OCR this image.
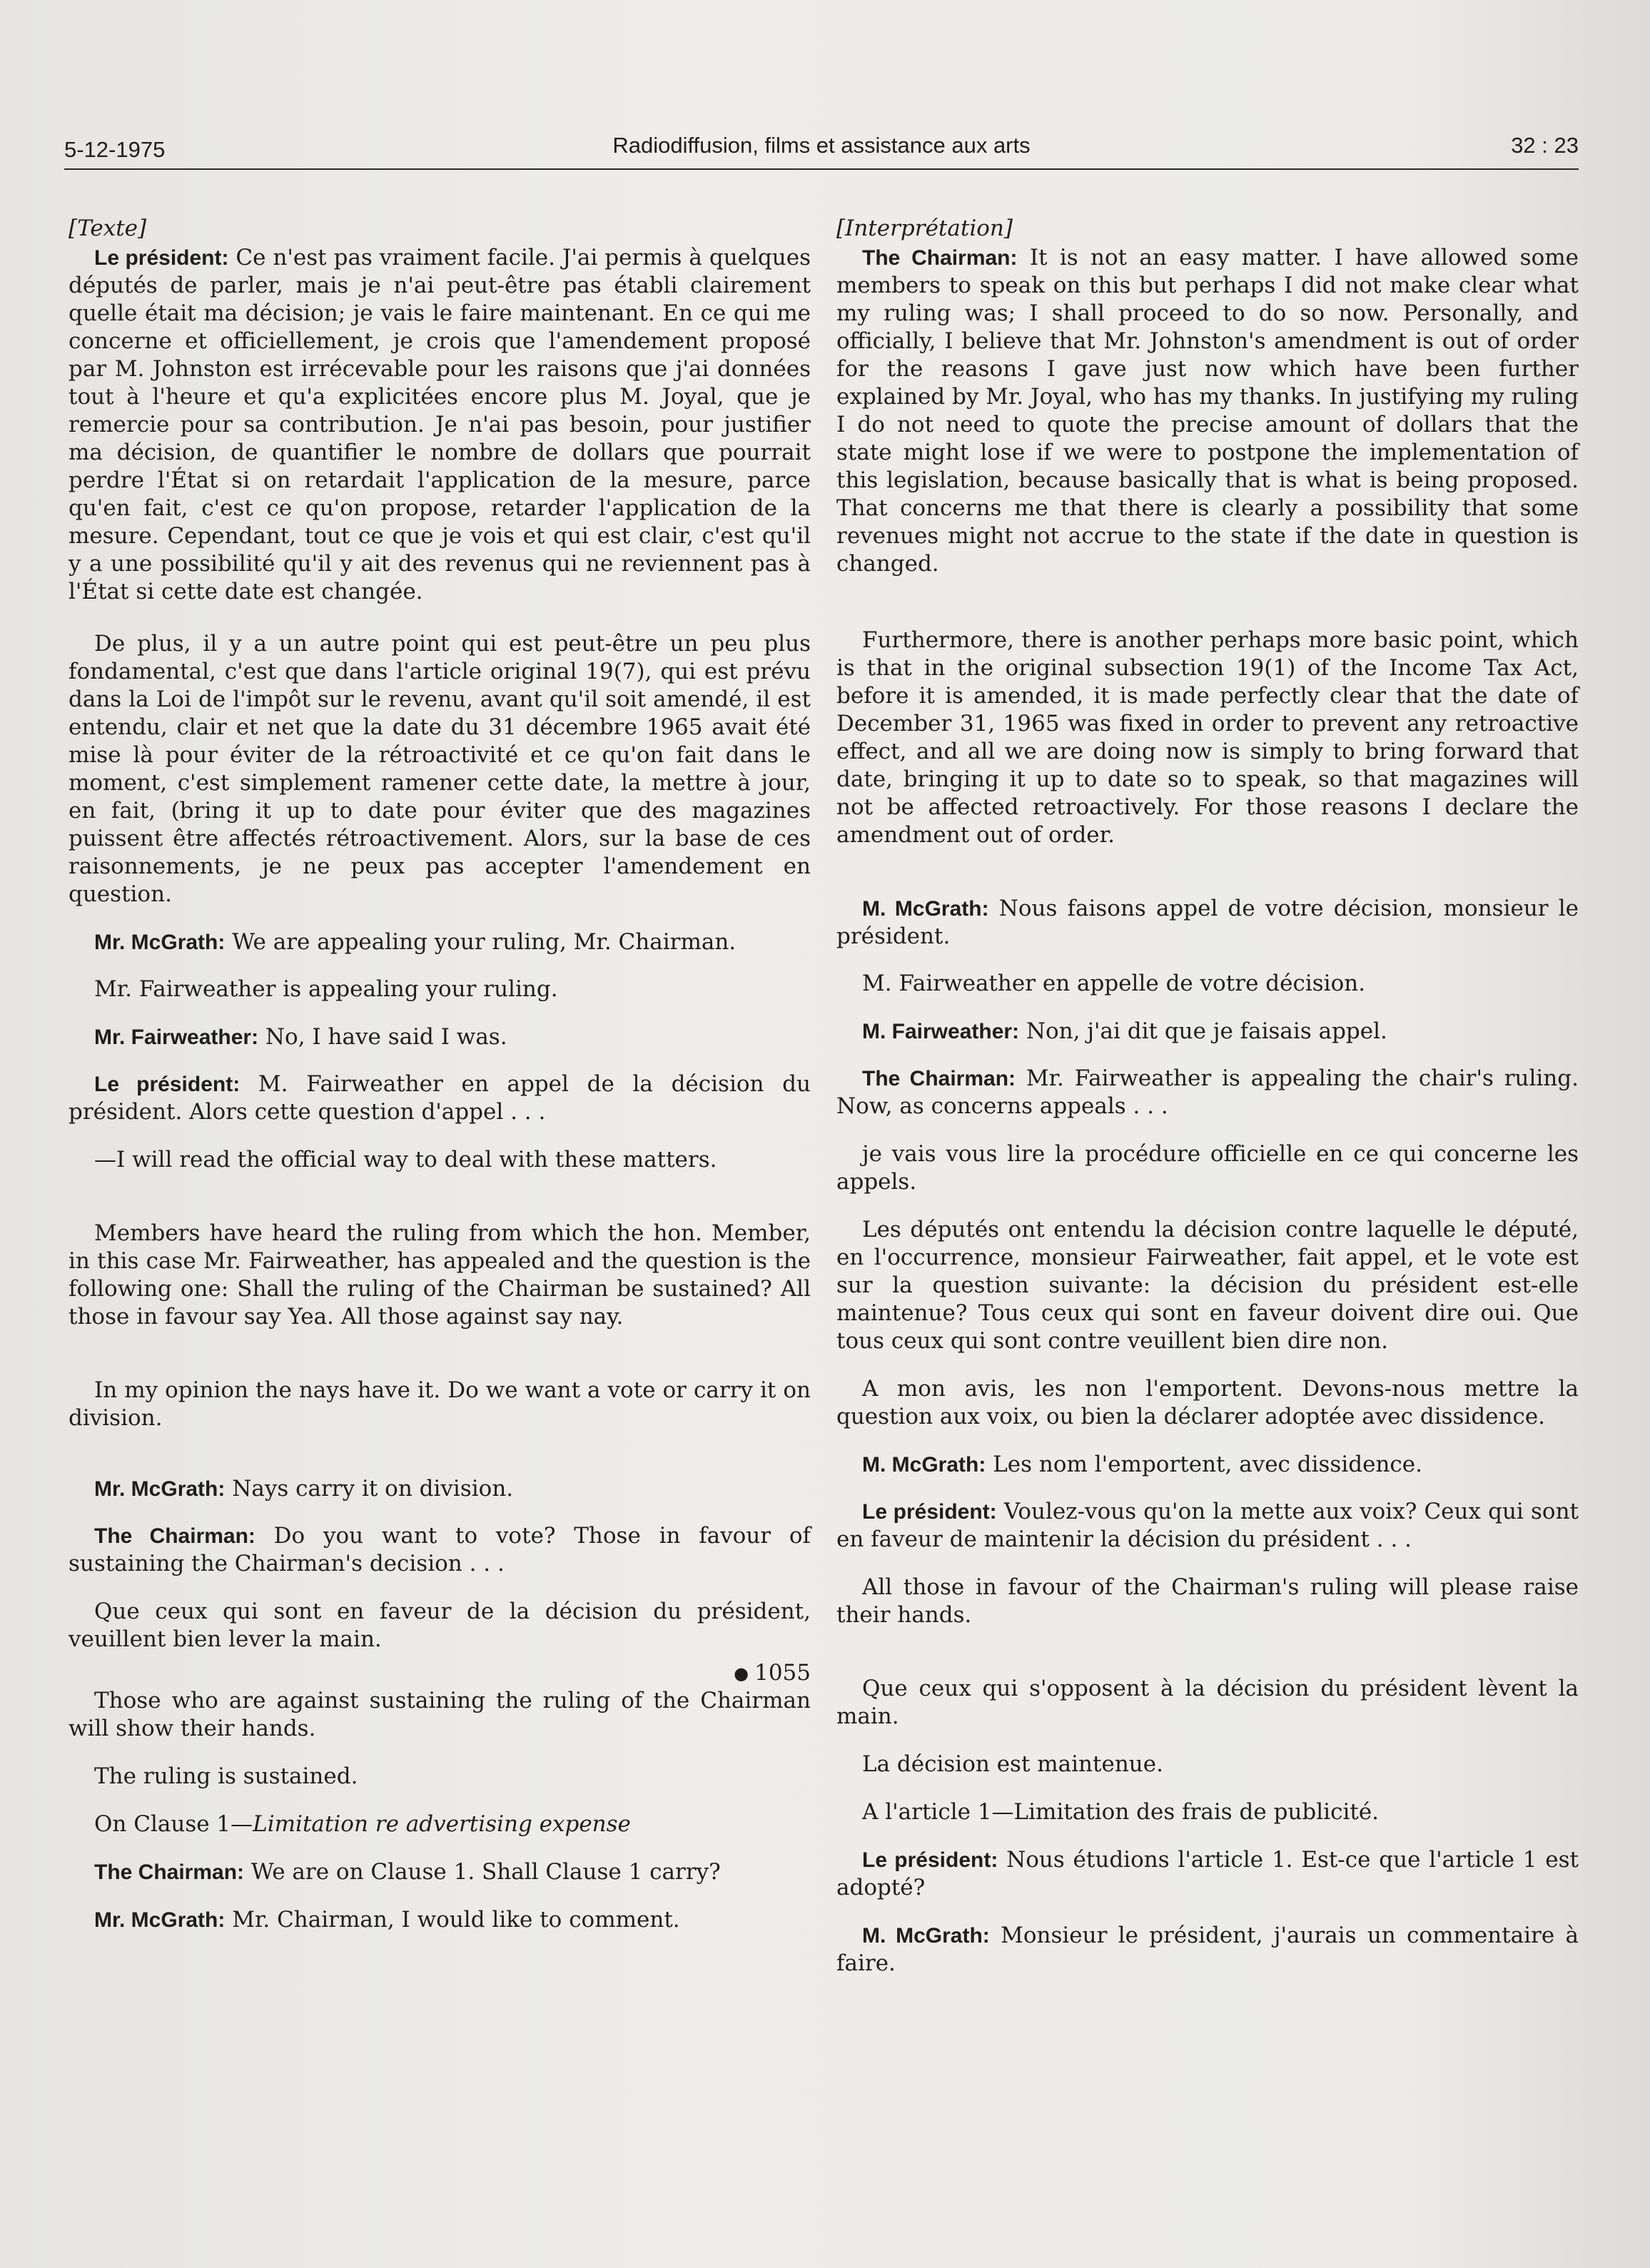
5-12-1975	Radiodiffusion, films et assistance aux arts	32 : 23
[Texte]

Le président: Ce n'est pas vraiment facile. J'ai permis à quelques députés de parler, mais je n'ai peut-être pas établi clairement quelle était ma décision; je vais le faire maintenant. En ce qui me concerne et officiellement, je crois que l'amendement proposé par M. Johnston est irrécevable pour les raisons que j'ai données tout à l'heure et qu'a explicitées encore plus M. Joyal, que je remercie pour sa contribution. Je n'ai pas besoin, pour justifier ma décision, de quantifier le nombre de dollars que pourrait perdre l'État si on retardait l'application de la mesure, parce qu'en fait, c'est ce qu'on propose, retarder l'application de la mesure. Cependant, tout ce que je vois et qui est clair, c'est qu'il y a une possibilité qu'il y ait des revenus qui ne reviennent pas à l'État si cette date est changée.

De plus, il y a un autre point qui est peut-être un peu plus fondamental, c'est que dans l'article original 19(7), qui est prévu dans la Loi de l'impôt sur le revenu, avant qu'il soit amendé, il est entendu, clair et net que la date du 31 décembre 1965 avait été mise là pour éviter de la rétroactivité et ce qu'on fait dans le moment, c'est simplement ramener cette date, la mettre à jour, en fait, (bring it up to date pour éviter que des magazines puissent être affectés rétroactivement. Alors, sur la base de ces raisonnements, je ne peux pas accepter l'amendement en question.

Mr. McGrath: We are appealing your ruling, Mr. Chairman.

Mr. Fairweather is appealing your ruling.

Mr. Fairweather: No, I have said I was.

Le président: M. Fairweather en appel de la décision du président. Alors cette question d'appel . . .

—I will read the official way to deal with these matters.

Members have heard the ruling from which the hon. Member, in this case Mr. Fairweather, has appealed and the question is the following one: Shall the ruling of the Chairman be sustained? All those in favour say Yea. All those against say nay.

In my opinion the nays have it. Do we want a vote or carry it on division.

Mr. McGrath: Nays carry it on division.

The Chairman: Do you want to vote? Those in favour of sustaining the Chairman's decision . . .

Que ceux qui sont en faveur de la décision du président, veuillent bien lever la main.

● 1055

Those who are against sustaining the ruling of the Chairman will show their hands.

The ruling is sustained.

On Clause 1—Limitation re advertising expense

The Chairman: We are on Clause 1. Shall Clause 1 carry?

Mr. McGrath: Mr. Chairman, I would like to comment.

[Interprétation]

The Chairman: It is not an easy matter. I have allowed some members to speak on this but perhaps I did not make clear what my ruling was; I shall proceed to do so now. Personally, and officially, I believe that Mr. Johnston's amendment is out of order for the reasons I gave just now which have been further explained by Mr. Joyal, who has my thanks. In justifying my ruling I do not need to quote the precise amount of dollars that the state might lose if we were to postpone the implementation of this legislation, because basically that is what is being proposed. That concerns me that there is clearly a possibility that some revenues might not accrue to the state if the date in question is changed.

Furthermore, there is another perhaps more basic point, which is that in the original subsection 19(1) of the Income Tax Act, before it is amended, it is made perfectly clear that the date of December 31, 1965 was fixed in order to prevent any retroactive effect, and all we are doing now is simply to bring forward that date, bringing it up to date so to speak, so that magazines will not be affected retroactively. For those reasons I declare the amendment out of order.

M. McGrath: Nous faisons appel de votre décision, monsieur le président.

M. Fairweather en appelle de votre décision.

M. Fairweather: Non, j'ai dit que je faisais appel.

The Chairman: Mr. Fairweather is appealing the chair's ruling. Now, as concerns appeals . . .

je vais vous lire la procédure officielle en ce qui concerne les appels.

Les députés ont entendu la décision contre laquelle le député, en l'occurrence, monsieur Fairweather, fait appel, et le vote est sur la question suivante: la décision du président est-elle maintenue? Tous ceux qui sont en faveur doivent dire oui. Que tous ceux qui sont contre veuillent bien dire non.

A mon avis, les non l'emportent. Devons-nous mettre la question aux voix, ou bien la déclarer adoptée avec dissidence.

M. McGrath: Les nom l'emportent, avec dissidence.

Le président: Voulez-vous qu'on la mette aux voix? Ceux qui sont en faveur de maintenir la décision du président . . .

All those in favour of the Chairman's ruling will please raise their hands.

Que ceux qui s'opposent à la décision du président lèvent la main.

La décision est maintenue.

A l'article 1—Limitation des frais de publicité.

Le président: Nous étudions l'article 1. Est-ce que l'article 1 est adopté?

M. McGrath: Monsieur le président, j'aurais un commentaire à faire.
